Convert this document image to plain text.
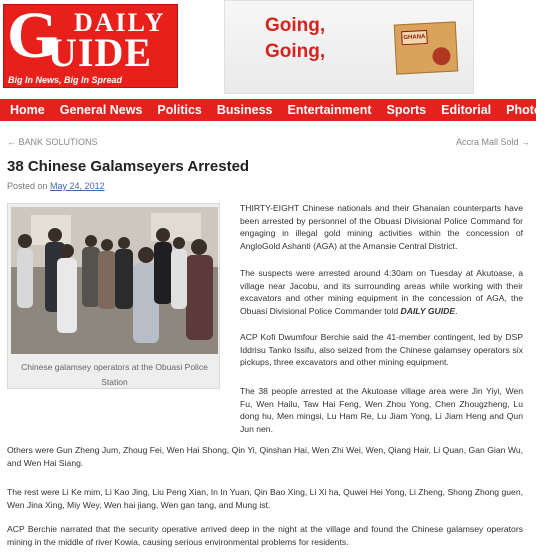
G DAILY
UIDE
Big In News, Big In Spread
Going,
Going,
GHANA
Home General News Politics Business Entertainment Sports Editorial Photos
← BANK SOLUTIONS	Accra Mall Sold →
38 Chinese Galamseyers Arrested
Posted on May 24, 2012
Chinese galamsey operators at the Obuasi Police Station

THIRTY-EIGHT Chinese nationals and their Ghanaian counterparts have been arrested by personnel of the Obuasi Divisional Police Command for engaging in illegal gold mining activities within the concession of AngloGold Ashanti (AGA) at the Amansie Central District.

The suspects were arrested around 4:30am on Tuesday at Akutoase, a village near Jacobu, and its surrounding areas while working with their excavators and other mining equipment in the concession of AGA, the Obuasi Divisional Police Commander told DAILY GUIDE.

ACP Kofi Dwumfour Berchie said the 41-member contingent, led by DSP Iddrisu Tanko Issifu, also seized from the Chinese galamsey operators six pickups, three excavators and other mining equipment.

The 38 people arrested at the Akutoase village area were Jin Yiyi, Wen Fu, Wen Hailu, Taw Hai Feng, Wen Zhou Yong, Chen Zhougzheng, Lu dong hu, Men mingsi, Lu Ham Re, Lu Jiam Yong, Li Jiam Heng and Qun Jun nen.

Others were Gun Zheng Jum, Zhoug Fei, Wen Hai Shong, Qin Yi, Qinshan Hai, Wen Zhi Wei, Wen, Qiang Hair, Li Quan, Gan Gian Wu, and Wen Hai Siang.

The rest were Li Ke mim, Li Kao Jing, Liu Peng Xian, In In Yuan, Qin Bao Xing, Li Xi ha, Quwei Hei Yong, Li Zheng, Shong Zhong guen, Wen Jina Xing, Miy Wey, Wen hai jiang, Wen gan tang, and Mung ist.

ACP Berchie narrated that the security operative arrived deep in the night at the village and found the Chinese galamsey operators mining in the middle of river Kowia, causing serious environmental problems for residents.
